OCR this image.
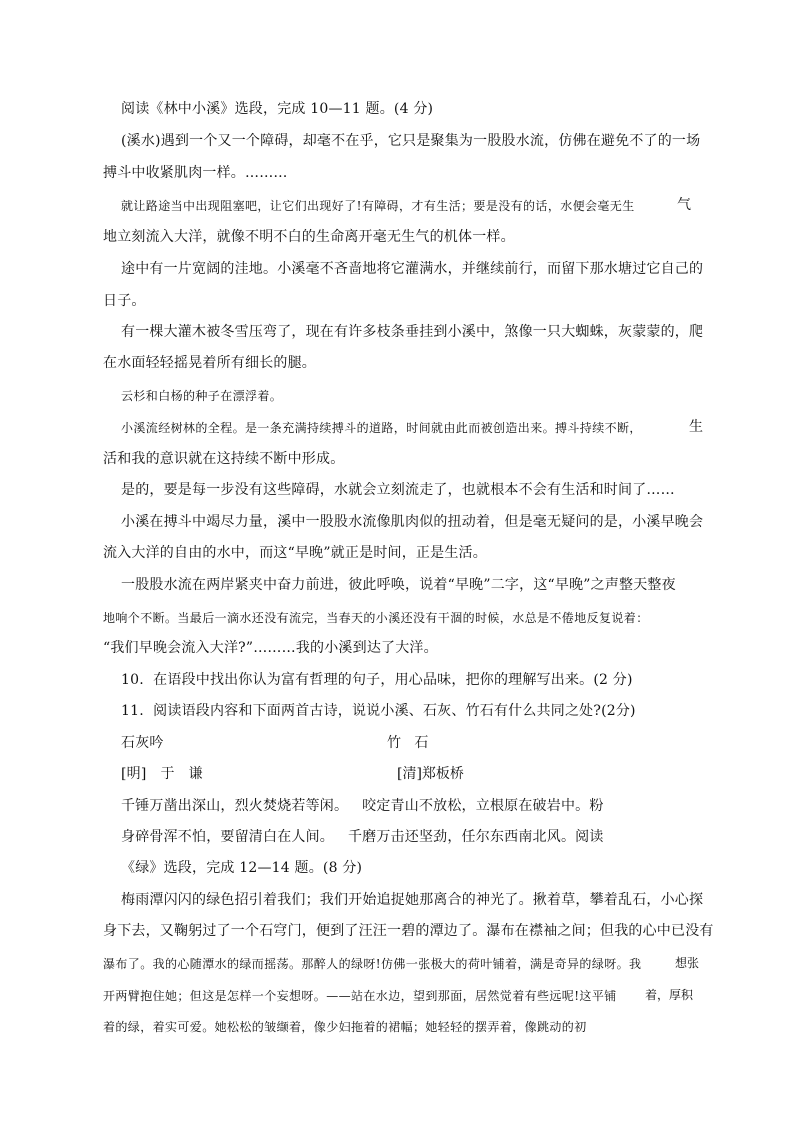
阅读《林中小溪》选段，完成 10—11 题。(4 分)
(溪水)遇到一个又一个障碍，却毫不在乎，它只是聚集为一股股水流，仿佛在避免不了的一场
搏斗中收紧肌肉一样。………
就让路途当中出现阻塞吧，让它们出现好了!有障碍，才有生活；要是没有的话，水便会毫无生	气
地立刻流入大洋，就像不明不白的生命离开毫无生气的机体一样。
途中有一片宽阔的洼地。小溪毫不吝啬地将它灌满水，并继续前行，而留下那水塘过它自己的
日子。
有一棵大灌木被冬雪压弯了，现在有许多枝条垂挂到小溪中，煞像一只大蜘蛛，灰蒙蒙的，爬
在水面轻轻摇晃着所有细长的腿。
云杉和白杨的种子在漂浮着。
小溪流经树林的全程。是一条充满持续搏斗的道路，时间就由此而被创造出来。搏斗持续不断，	生
活和我的意识就在这持续不断中形成。
是的，要是每一步没有这些障碍，水就会立刻流走了，也就根本不会有生活和时间了……
小溪在搏斗中竭尽力量，溪中一股股水流像肌肉似的扭动着，但是毫无疑问的是，小溪早晚会
流入大洋的自由的水中，而这“早晚”就正是时间，正是生活。
一股股水流在两岸紧夹中奋力前进，彼此呼唤，说着“早晚”二字，这“早晚”之声整天整夜
地响个不断。当最后一滴水还没有流完，当春天的小溪还没有干涸的时候，水总是不倦地反复说着：
“我们早晚会流入大洋?”………我的小溪到达了大洋。
10.  在语段中找出你认为富有哲理的句子，用心品味，把你的理解写出来。(2 分)
11.  阅读语段内容和下面两首古诗，说说小溪、石灰、竹石有什么共同之处?(2分)
石灰吟	竹   石
[明]   于   谦	[清]郑板桥
千锤万凿出深山，烈火焚烧若等闲。   咬定青山不放松，立根原在破岩中。粉
身碎骨浑不怕，要留清白在人间。   千磨万击还坚劲，任尔东西南北风。阅读
《绿》选段，完成 12—14 题。(8 分)
梅雨潭闪闪的绿色招引着我们；我们开始追捉她那离合的神光了。揪着草，攀着乱石，小心探
身下去，又鞠躬过了一个石穹门，便到了汪汪一碧的潭边了。瀑布在襟袖之间；但我的心中已没有
瀑布了。我的心随潭水的绿而摇荡。那醉人的绿呀!仿佛一张极大的荷叶铺着，满是奇异的绿呀。我	想张
开两臂抱住她；但这是怎样一个妄想呀。——站在水边，望到那面，居然觉着有些远呢!这平铺 着，厚积
着的绿，着实可爱。她松松的皱缬着，像少妇拖着的裙幅；她轻轻的摆弄着，像跳动的初
